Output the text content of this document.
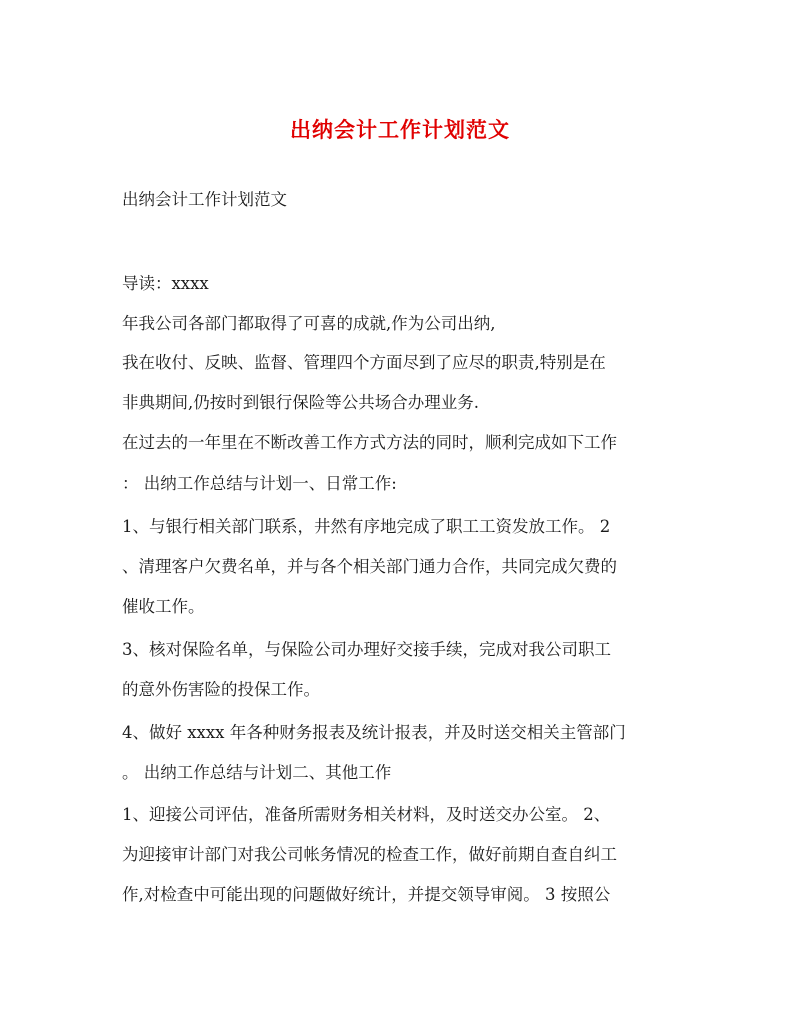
出纳会计工作计划范文

出纳会计工作计划范文

导读：xxxx

年我公司各部门都取得了可喜的成就,作为公司出纳,

我在收付、反映、监督、管理四个方面尽到了应尽的职责,特别是在

非典期间,仍按时到银行保险等公共场合办理业务.

在过去的一年里在不断改善工作方式方法的同时，顺利完成如下工作

： 出纳工作总结与计划一、日常工作:

1、与银行相关部门联系，井然有序地完成了职工工资发放工作。 2

、清理客户欠费名单，并与各个相关部门通力合作，共同完成欠费的

催收工作。

3、核对保险名单，与保险公司办理好交接手续，完成对我公司职工

的意外伤害险的投保工作。

4、做好 xxxx 年各种财务报表及统计报表，并及时送交相关主管部门

。 出纳工作总结与计划二、其他工作

1、迎接公司评估，准备所需财务相关材料，及时送交办公室。 2、

为迎接审计部门对我公司帐务情况的检查工作，做好前期自查自纠工

作,对检查中可能出现的问题做好统计，并提交领导审阅。 3 按照公
